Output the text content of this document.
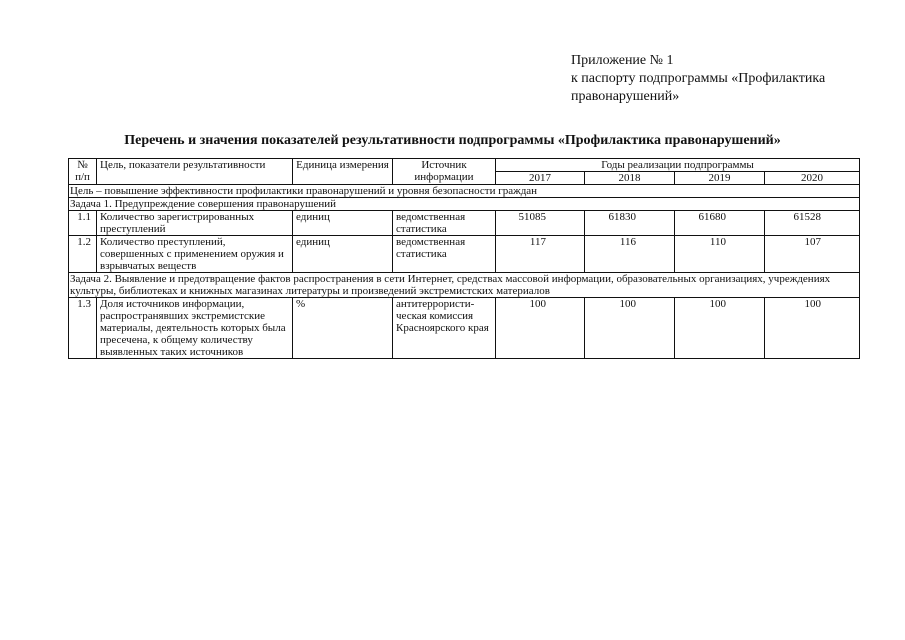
Приложение № 1
к паспорту подпрограммы «Профилактика
правонарушений»
Перечень и значения показателей результативности подпрограммы «Профилактика правонарушений»
№ п/п	Цель, показатели результативности	Единица измерения	Источник информации	Годы реализации подпрограммы			
				2017	2018	2019	2020
Цель – повышение эффективности профилактики правонарушений и уровня безопасности граждан							
Задача 1. Предупреждение совершения правонарушений							
1.1	Количество зарегистрированных преступлений	единиц	ведомственная статистика	51085	61830	61680	61528
1.2	Количество преступлений, совершенных с применением оружия и взрывчатых веществ	единиц	ведомственная статистика	117	116	110	107
Задача 2. Выявление и предотвращение фактов распространения в сети Интернет, средствах массовой информации, образовательных организациях, учреждениях культуры, библиотеках и книжных магазинах литературы и произведений экстремистских материалов							
1.3	Доля источников информации, распространявших экстремистские материалы, деятельность которых была пресечена, к общему количеству выявленных таких источников	%	антитеррористи-ческая комиссия Красноярского края	100	100	100	100
